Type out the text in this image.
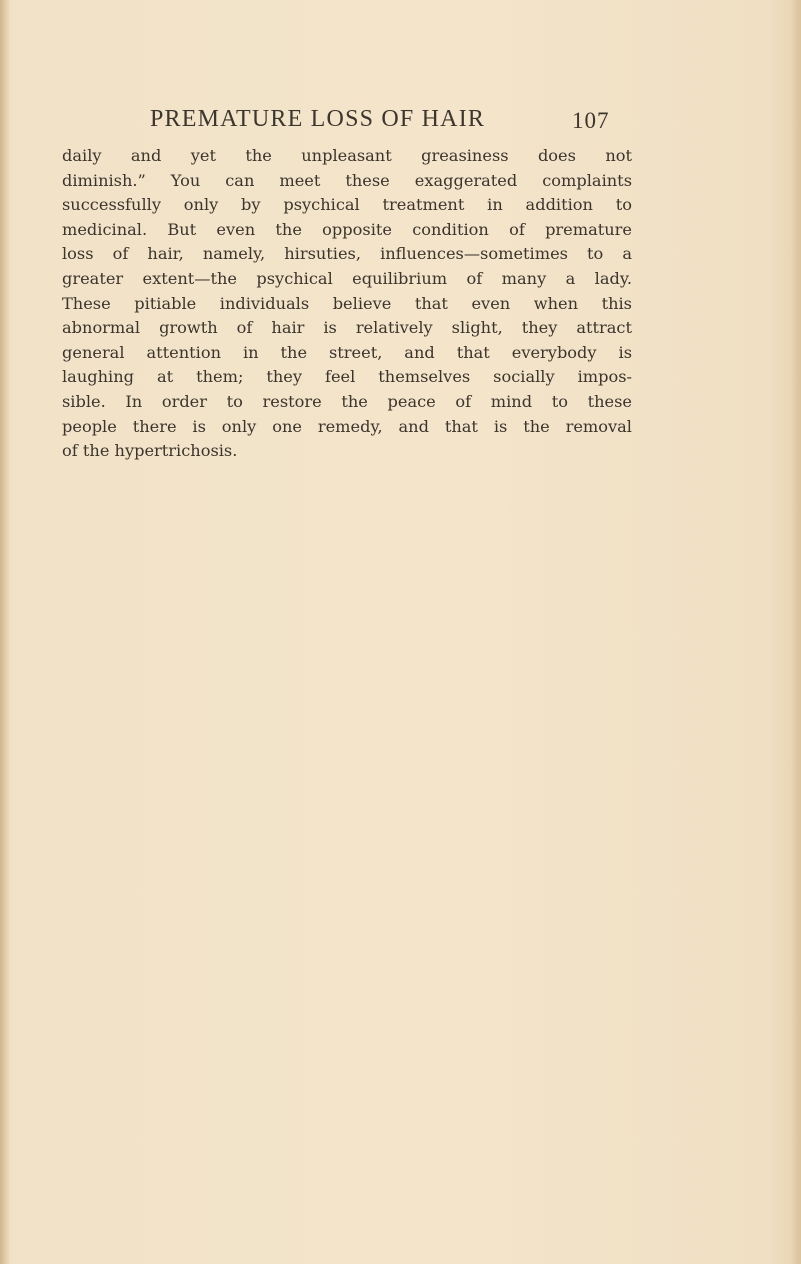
PREMATURE LOSS OF HAIR	107
daily and yet the unpleasant greasiness does not
diminish.” You can meet these exaggerated complaints
successfully only by psychical treatment in addition to
medicinal. But even the opposite condition of premature
loss of hair, namely, hirsuties, influences—sometimes to a
greater extent—the psychical equilibrium of many a lady.
These pitiable individuals believe that even when this
abnormal growth of hair is relatively slight, they attract
general attention in the street, and that everybody is
laughing at them; they feel themselves socially impos-
sible. In order to restore the peace of mind to these
people there is only one remedy, and that is the removal
of the hypertrichosis.
